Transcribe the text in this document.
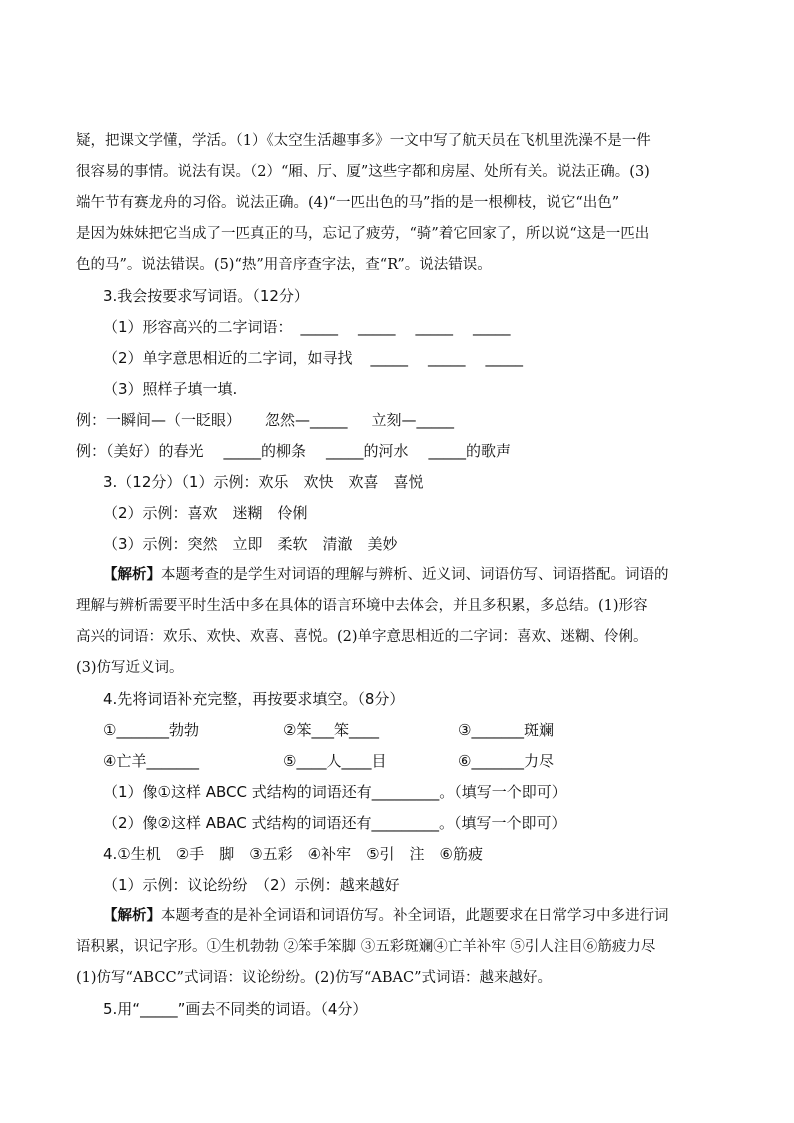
疑，把课文学懂，学活。（1）《太空生活趣事多》一文中写了航天员在飞机里洗澡不是一件
很容易的事情。说法有误。（2）“厢、厅、厦”这些字都和房屋、处所有关。说法正确。(3)
端午节有赛龙舟的习俗。说法正确。(4)“一匹出色的马”指的是一根柳枝，说它“出色”
是因为妹妹把它当成了一匹真正的马，忘记了疲劳，“骑”着它回家了，所以说“这是一匹出
色的马”。说法错误。(5)“热”用音序查字法，查“R”。说法错误。
3.我会按要求写词语。（12分）
（1）形容高兴的二字词语： _____ _____ _____ _____
（2）单字意思相近的二字词，如寻找 _____ _____ _____
（3）照样子填一填.
例：一瞬间—（一眨眼） 忽然—_____ 立刻—_____
例：（美好）的春光 _____的柳条 _____的河水 _____的歌声
3.（12分）（1）示例：欢乐　欢快　欢喜　喜悦
（2）示例：喜欢　迷糊　伶俐
（3）示例：突然　立即　柔软　清澈　美妙
【解析】本题考查的是学生对词语的理解与辨析、近义词、词语仿写、词语搭配。词语的
理解与辨析需要平时生活中多在具体的语言环境中去体会，并且多积累，多总结。(1)形容
高兴的词语：欢乐、欢快、欢喜、喜悦。(2)单字意思相近的二字词：喜欢、迷糊、伶俐。
(3)仿写近义词。
4.先将词语补充完整，再按要求填空。（8分）
①_______勃勃	②笨___笨____	③_______斑斓
④亡羊_______	⑤____人____目	⑥_______力尽
（1）像①这样 ABCC 式结构的词语还有_________。（填写一个即可）
（2）像②这样 ABAC 式结构的词语还有_________。（填写一个即可）
4.①生机　②手　脚　③五彩　④补牢　⑤引　注　⑥筋疲
（1）示例：议论纷纷　（2）示例：越来越好
【解析】本题考查的是补全词语和词语仿写。补全词语，此题要求在日常学习中多进行词
语积累，识记字形。①生机勃勃 ②笨手笨脚 ③五彩斑斓④亡羊补牢 ⑤引人注目⑥筋疲力尽
(1)仿写“ABCC”式词语：议论纷纷。(2)仿写“ABAC”式词语：越来越好。
5.用“_____”画去不同类的词语。（4分）
